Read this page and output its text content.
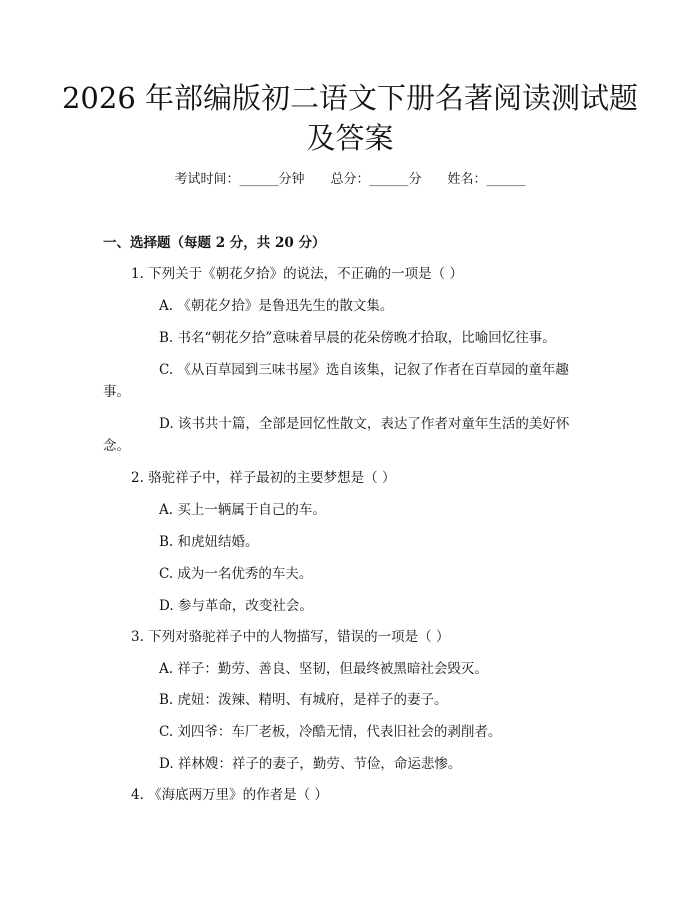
2026 年部编版初二语文下册名著阅读测试题
及答案
考试时间：______分钟　　总分：______分　　姓名：______
一、选择题（每题 2 分，共 20 分）
1. 下列关于《朝花夕拾》的说法，不正确的一项是（ ）
A. 《朝花夕拾》是鲁迅先生的散文集。
B. 书名“朝花夕拾”意味着早晨的花朵傍晚才拾取，比喻回忆往事。
C. 《从百草园到三味书屋》选自该集，记叙了作者在百草园的童年趣
事。
D. 该书共十篇，全部是回忆性散文，表达了作者对童年生活的美好怀
念。
2. 骆驼祥子中，祥子最初的主要梦想是（ ）
A. 买上一辆属于自己的车。
B. 和虎妞结婚。
C. 成为一名优秀的车夫。
D. 参与革命，改变社会。
3. 下列对骆驼祥子中的人物描写，错误的一项是（ ）
A. 祥子：勤劳、善良、坚韧，但最终被黑暗社会毁灭。
B. 虎妞：泼辣、精明、有城府，是祥子的妻子。
C. 刘四爷：车厂老板，冷酷无情，代表旧社会的剥削者。
D. 祥林嫂：祥子的妻子，勤劳、节俭，命运悲惨。
4. 《海底两万里》的作者是（ ）
